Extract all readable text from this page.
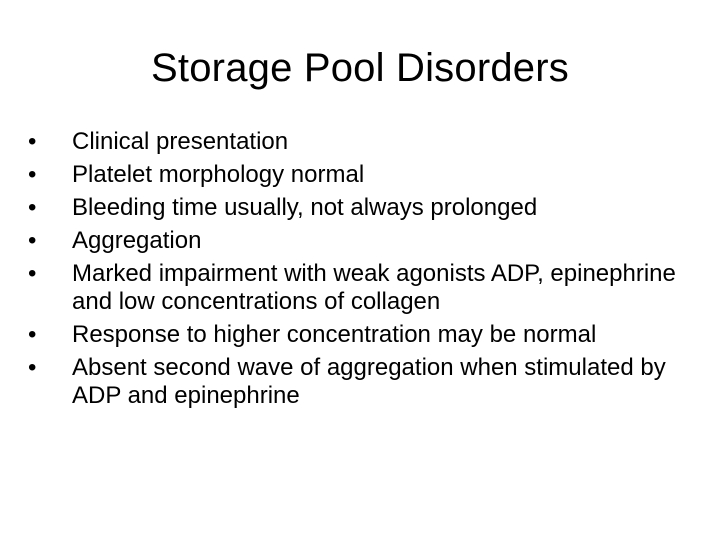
Storage Pool Disorders
•	Clinical presentation
•	Platelet morphology normal
•	Bleeding time usually, not always prolonged
•	Aggregation
•	Marked impairment with weak agonists ADP, epinephrine and low concentrations of collagen
•	Response to higher concentration may be normal
•	Absent second wave of aggregation when stimulated by ADP and epinephrine
